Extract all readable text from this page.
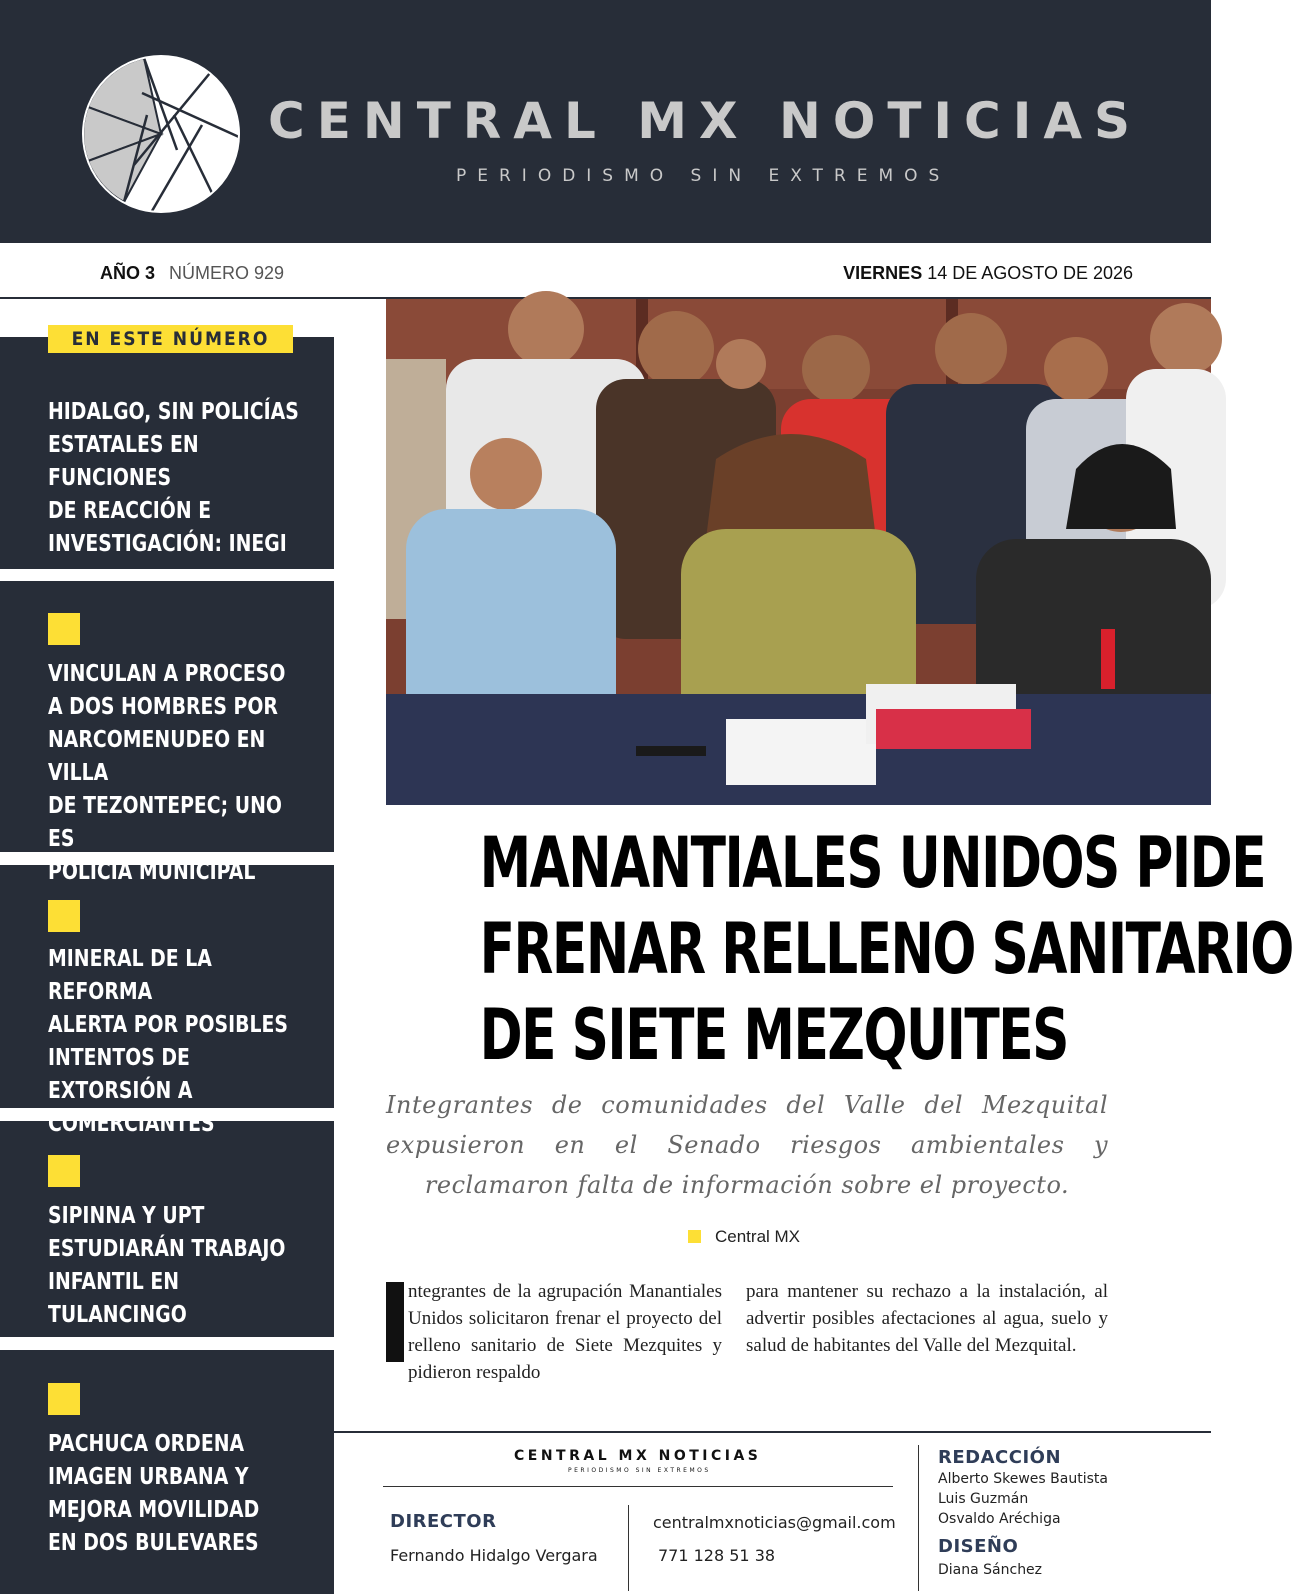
CENTRAL MX NOTICIAS
PERIODISMO SIN EXTREMOS
AÑO 3 NÚMERO 929	VIERNES 14 DE AGOSTO DE 2026
EN ESTE NÚMERO
HIDALGO, SIN POLICÍAS
ESTATALES EN FUNCIONES
DE REACCIÓN E
INVESTIGACIÓN: INEGI
VINCULAN A PROCESO
A DOS HOMBRES POR
NARCOMENUDEO EN VILLA
DE TEZONTEPEC; UNO ES
POLICÍA MUNICIPAL
MINERAL DE LA REFORMA
ALERTA POR POSIBLES
INTENTOS DE EXTORSIÓN A
COMERCIANTES
SIPINNA Y UPT
ESTUDIARÁN TRABAJO
INFANTIL EN TULANCINGO
PACHUCA ORDENA
IMAGEN URBANA Y
MEJORA MOVILIDAD
EN DOS BULEVARES
MANANTIALES UNIDOS PIDE
FRENAR RELLENO SANITARIO
DE SIETE MEZQUITES

Integrantes de comunidades del Valle del Mezquital expusieron en el Senado riesgos ambientales y reclamaron falta de información sobre el proyecto.

Central MX
ntegrantes de la agrupación Manantiales Unidos solicitaron frenar el proyecto del relleno sanitario de Siete Mezquites y pidieron respaldo
para mantener su rechazo a la instalación, al advertir posibles afectaciones al agua, suelo y salud de habitantes del Valle del Mezquital.
CENTRAL MX NOTICIAS
PERIODISMO SIN EXTREMOS
DIRECTOR
Fernando Hidalgo Vergara
centralmxnoticias@gmail.com
771 128 51 38
REDACCIÓN
Alberto Skewes Bautista
Luis Guzmán
Osvaldo Aréchiga
DISEÑO
Diana Sánchez
